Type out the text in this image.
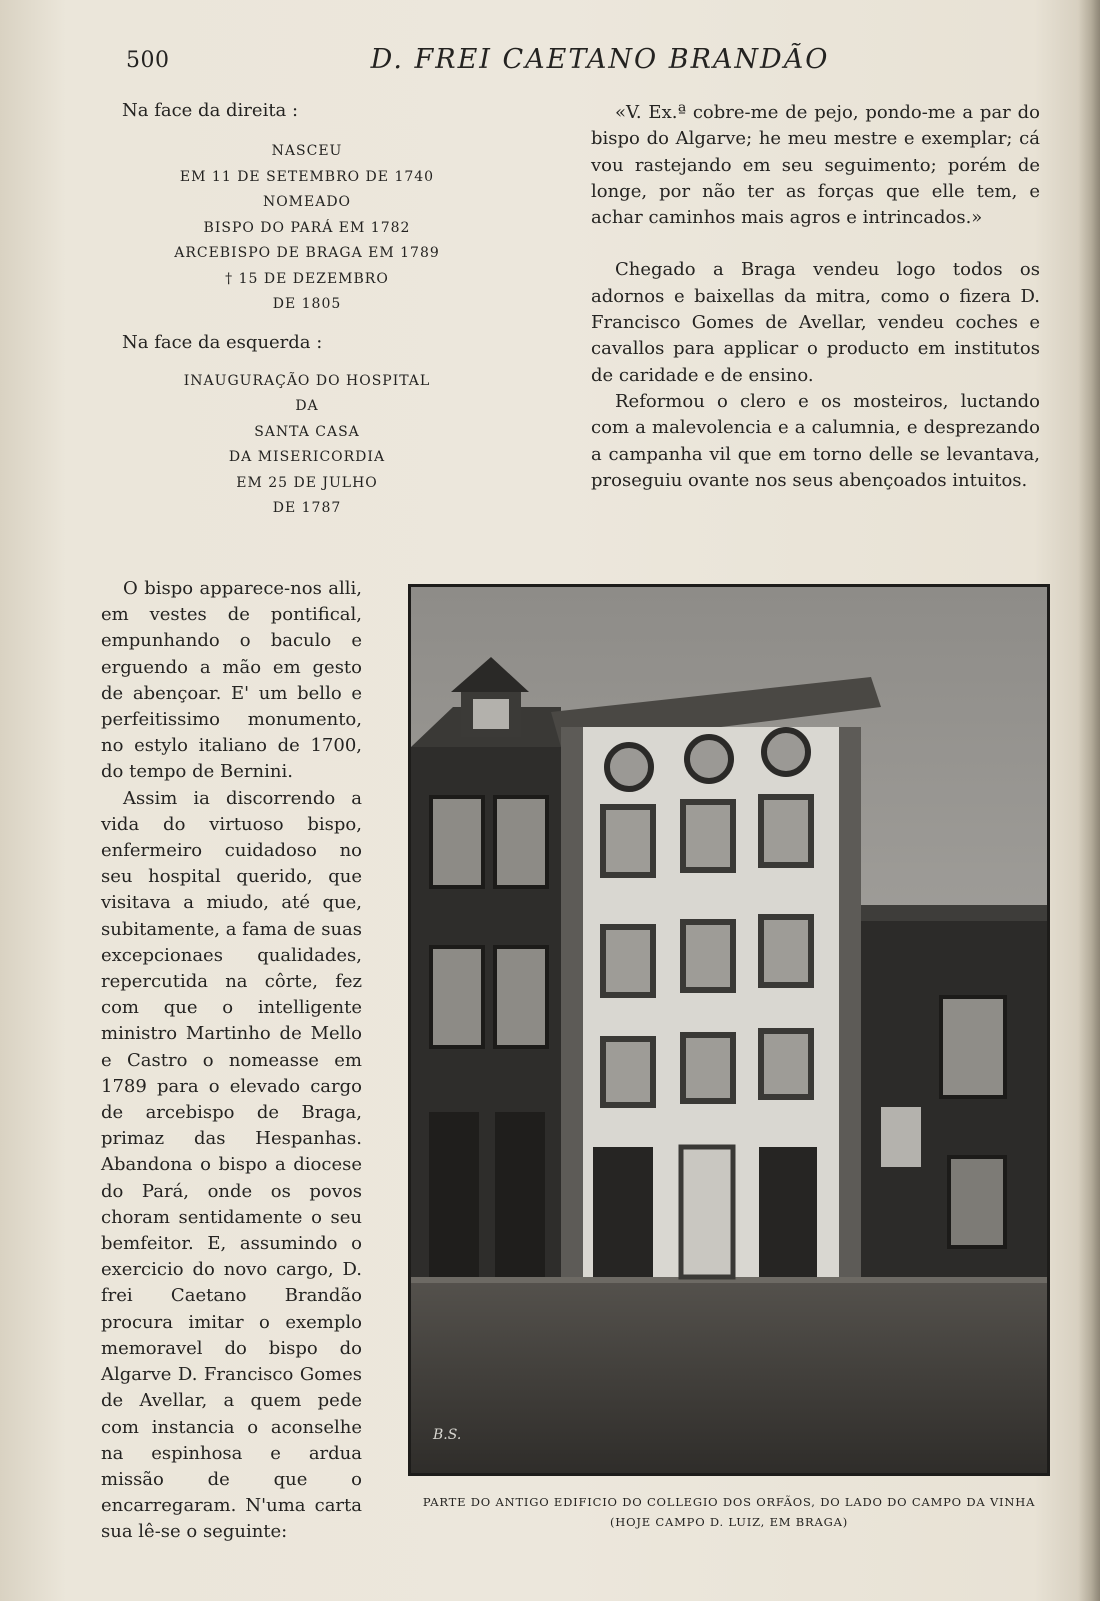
500	D. FREI CAETANO BRANDÃO

Na face da direita :

NASCEU
EM 11 DE SETEMBRO DE 1740
NOMEADO
BISPO DO PARÁ EM 1782
ARCEBISPO DE BRAGA EM 1789
† 15 DE DEZEMBRO
DE 1805

Na face da esquerda :

INAUGURAÇÃO DO HOSPITAL
DA
SANTA CASA
DA MISERICORDIA
EM 25 DE JULHO
DE 1787

«V. Ex.ª cobre-me de pejo, pondo-me a par do bispo do Algarve; he meu mestre e exemplar; cá vou rastejando em seu seguimento; porém de longe, por não ter as forças que elle tem, e achar caminhos mais agros e intrincados.»

Chegado a Braga vendeu logo todos os adornos e baixellas da mitra, como o fizera D. Francisco Gomes de Avellar, vendeu coches e cavallos para applicar o producto em institutos de caridade e de ensino.

Reformou o clero e os mosteiros, luctando com a malevolencia e a calumnia, e desprezando a campanha vil que em torno delle se levantava, proseguiu ovante nos seus abençoados intuitos.

O bispo apparece-nos alli, em vestes de pontifical, empunhando o baculo e erguendo a mão em gesto de abençoar. E' um bello e perfeitissimo monumento, no estylo italiano de 1700, do tempo de Bernini.

Assim ia discorrendo a vida do virtuoso bispo, enfermeiro cuidadoso no seu hospital querido, que visitava a miudo, até que, subitamente, a fama de suas excepcionaes qualidades, repercutida na côrte, fez com que o intelligente ministro Martinho de Mello e Castro o nomeasse em 1789 para o elevado cargo de arcebispo de Braga, primaz das Hespanhas. Abandona o bispo a diocese do Pará, onde os povos choram sentidamente o seu bemfeitor. E, assumindo o exercicio do novo cargo, D. frei Caetano Brandão procura imitar o exemplo memoravel do bispo do Algarve D. Francisco Gomes de Avellar, a quem pede com instancia o aconselhe na espinhosa e ardua missão de que o encarregaram. N'uma carta sua lê-se o seguinte:

B.S.
PARTE DO ANTIGO EDIFICIO DO COLLEGIO DOS ORFÃOS, DO LADO DO CAMPO DA VINHA
(HOJE CAMPO D. LUIZ, EM BRAGA)
